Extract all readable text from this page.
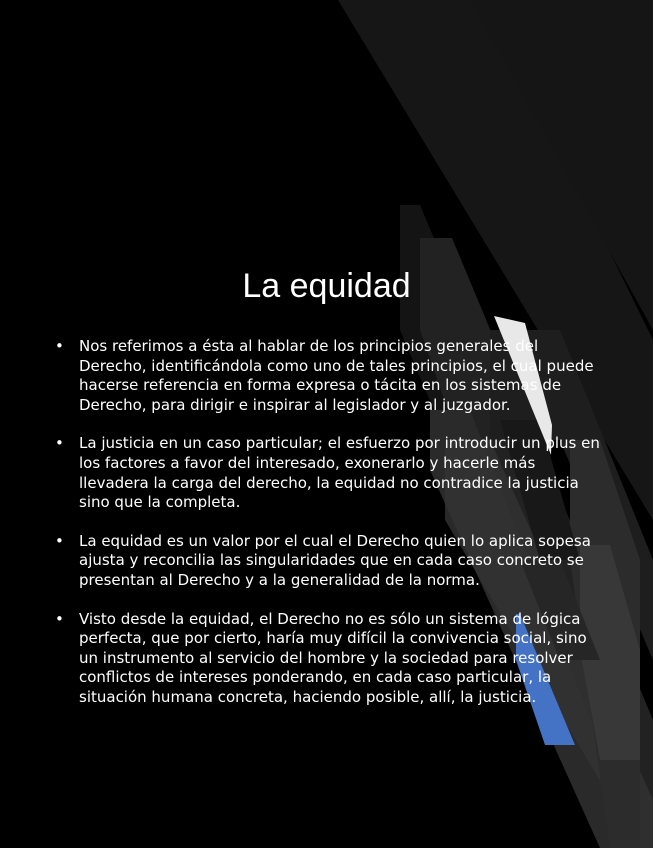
La equidad
• Nos referimos a ésta al hablar de los principios generales del Derecho, identificándola como uno de tales principios, el cual puede hacerse referencia en forma expresa o tácita en los sistemas de Derecho, para dirigir e inspirar al legislador y al juzgador.
• La justicia en un caso particular; el esfuerzo por introducir un plus en los factores a favor del interesado, exonerarlo y hacerle más llevadera la carga del derecho, la equidad no contradice la justicia sino que la completa.
• La equidad es un valor por el cual el Derecho quien lo aplica sopesa ajusta y reconcilia las singularidades que en cada caso concreto se presentan al Derecho y a la generalidad de la norma.
• Visto desde la equidad, el Derecho no es sólo un sistema de lógica perfecta, que por cierto, haría muy difícil la convivencia social, sino un instrumento al servicio del hombre y la sociedad para resolver conflictos de intereses ponderando, en cada caso particular, la situación humana concreta, haciendo posible, allí, la justicia.
